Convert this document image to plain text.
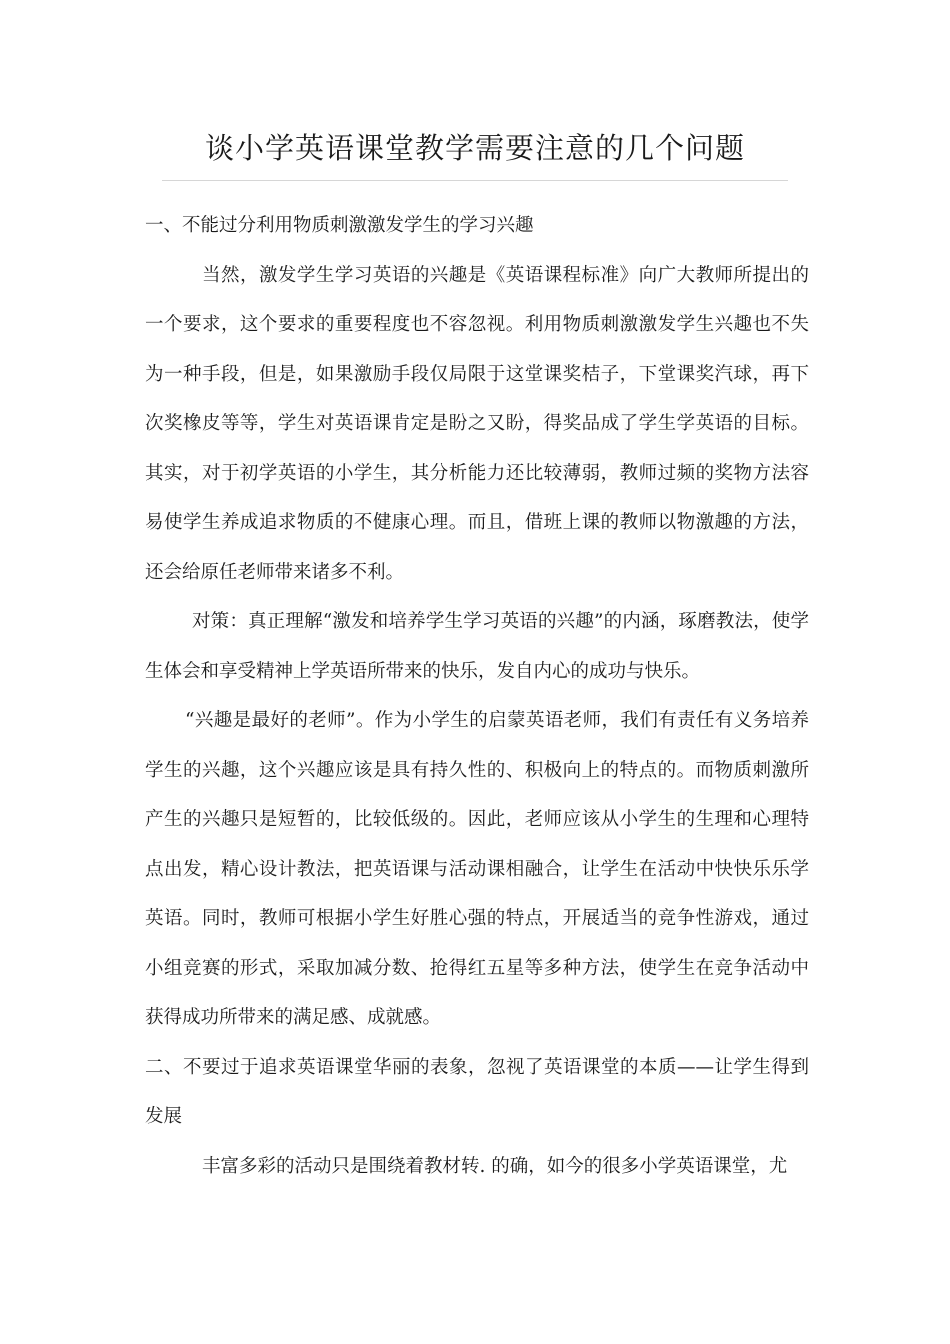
谈小学英语课堂教学需要注意的几个问题

一、不能过分利用物质刺激激发学生的学习兴趣

当然，激发学生学习英语的兴趣是《英语课程标准》向广大教师所提出的一个要求，这个要求的重要程度也不容忽视。利用物质刺激激发学生兴趣也不失为一种手段，但是，如果激励手段仅局限于这堂课奖桔子，下堂课奖汽球，再下次奖橡皮等等，学生对英语课肯定是盼之又盼，得奖品成了学生学英语的目标。其实，对于初学英语的小学生，其分析能力还比较薄弱，教师过频的奖物方法容易使学生养成追求物质的不健康心理。而且，借班上课的教师以物激趣的方法，还会给原任老师带来诸多不利。

对策：真正理解“激发和培养学生学习英语的兴趣”的内涵，琢磨教法，使学生体会和享受精神上学英语所带来的快乐，发自内心的成功与快乐。

“兴趣是最好的老师”。作为小学生的启蒙英语老师，我们有责任有义务培养学生的兴趣，这个兴趣应该是具有持久性的、积极向上的特点的。而物质刺激所产生的兴趣只是短暂的，比较低级的。因此，老师应该从小学生的生理和心理特点出发，精心设计教法，把英语课与活动课相融合，让学生在活动中快快乐乐学英语。同时，教师可根据小学生好胜心强的特点，开展适当的竞争性游戏，通过小组竞赛的形式，采取加减分数、抢得红五星等多种方法，使学生在竞争活动中获得成功所带来的满足感、成就感。

二、不要过于追求英语课堂华丽的表象，忽视了英语课堂的本质——让学生得到发展

丰富多彩的活动只是围绕着教材转. 的确，如今的很多小学英语课堂，尤
